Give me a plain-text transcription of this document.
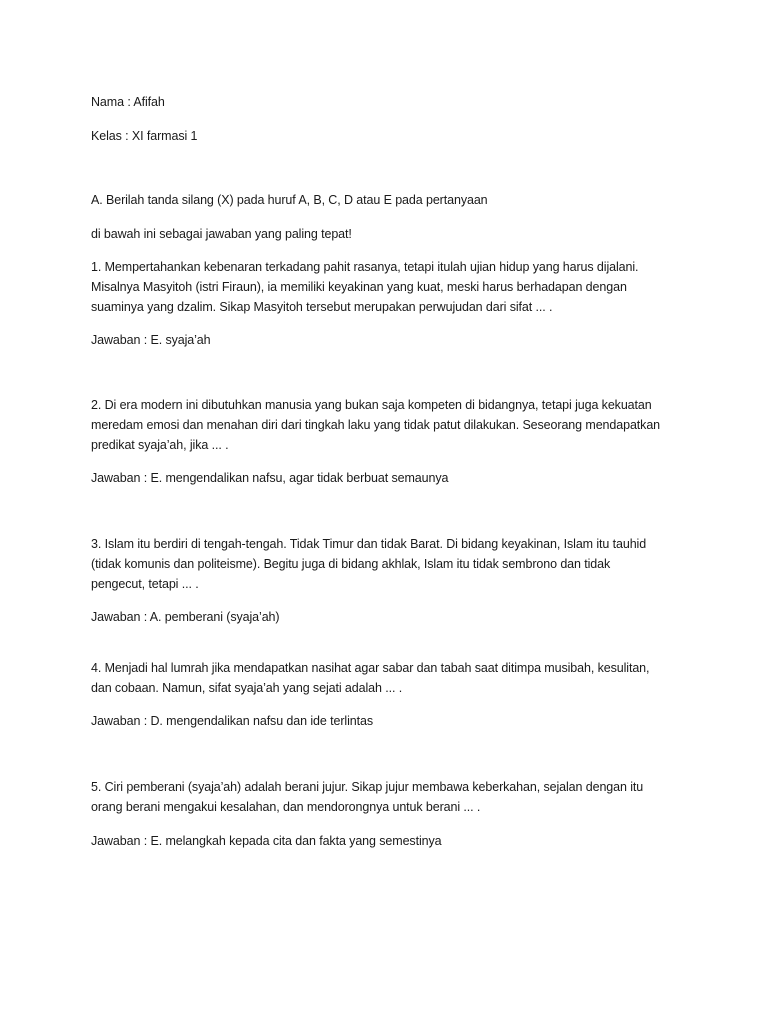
Nama : Afifah

Kelas : XI farmasi 1

A. Berilah tanda silang (X) pada huruf A, B, C, D atau E pada pertanyaan

di bawah ini sebagai jawaban yang paling tepat!

1. Mempertahankan kebenaran terkadang pahit rasanya, tetapi itulah ujian hidup yang harus dijalani.

Misalnya Masyitoh (istri Firaun), ia memiliki keyakinan yang kuat, meski harus berhadapan dengan

suaminya yang dzalim. Sikap Masyitoh tersebut merupakan perwujudan dari sifat ... .

Jawaban : E. syaja’ah

2. Di era modern ini dibutuhkan manusia yang bukan saja kompeten di bidangnya, tetapi juga kekuatan

meredam emosi dan menahan diri dari tingkah laku yang tidak patut dilakukan. Seseorang mendapatkan

predikat syaja’ah, jika ... .

Jawaban : E. mengendalikan nafsu, agar tidak berbuat semaunya

3. Islam itu berdiri di tengah-tengah. Tidak Timur dan tidak Barat. Di bidang keyakinan, Islam itu tauhid

(tidak komunis dan politeisme). Begitu juga di bidang akhlak, Islam itu tidak sembrono dan tidak

pengecut, tetapi ... .

Jawaban : A. pemberani (syaja’ah)

4. Menjadi hal lumrah jika mendapatkan nasihat agar sabar dan tabah saat ditimpa musibah, kesulitan,

dan cobaan. Namun, sifat syaja’ah yang sejati adalah ... .

Jawaban : D. mengendalikan nafsu dan ide terlintas

5. Ciri pemberani (syaja’ah) adalah berani jujur. Sikap jujur membawa keberkahan, sejalan dengan itu

orang berani mengakui kesalahan, dan mendorongnya untuk berani ... .

Jawaban : E. melangkah kepada cita dan fakta yang semestinya
